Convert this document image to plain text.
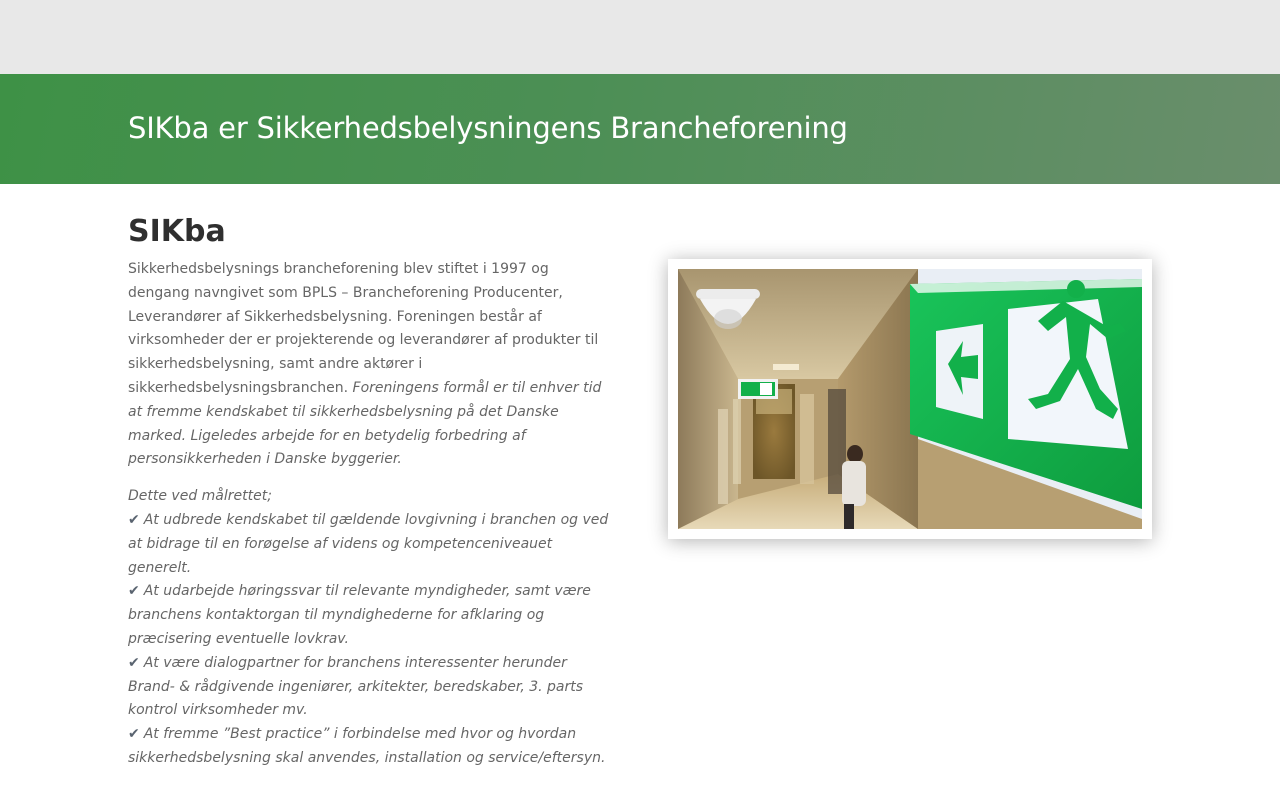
SIKba er Sikkerhedsbelysningens Brancheforening
SIKba

Sikkerhedsbelysnings brancheforening blev stiftet i 1997 og dengang navngivet som BPLS – Brancheforening Producenter, Leverandører af Sikkerhedsbelysning. Foreningen består af virksomheder der er projekterende og leverandører af produkter til sikkerhedsbelysning, samt andre aktører i sikkerhedsbelysningsbranchen. Foreningens formål er til enhver tid at fremme kendskabet til sikkerhedsbelysning på det Danske marked. Ligeledes arbejde for en betydelig forbedring af personsikkerheden i Danske byggerier.

Dette ved målrettet;
✔ At udbrede kendskabet til gældende lovgivning i branchen og ved at bidrage til en forøgelse af videns og kompetenceniveauet generelt.
✔ At udarbejde høringssvar til relevante myndigheder, samt være branchens kontaktorgan til myndighederne for afklaring og præcisering eventuelle lovkrav.
✔ At være dialogpartner for branchens interessenter herunder Brand- & rådgivende ingeniører, arkitekter, beredskaber, 3. parts kontrol virksomheder mv.
✔ At fremme ”Best practice” i forbindelse med hvor og hvordan sikkerhedsbelysning skal anvendes, installation og service/eftersyn.
